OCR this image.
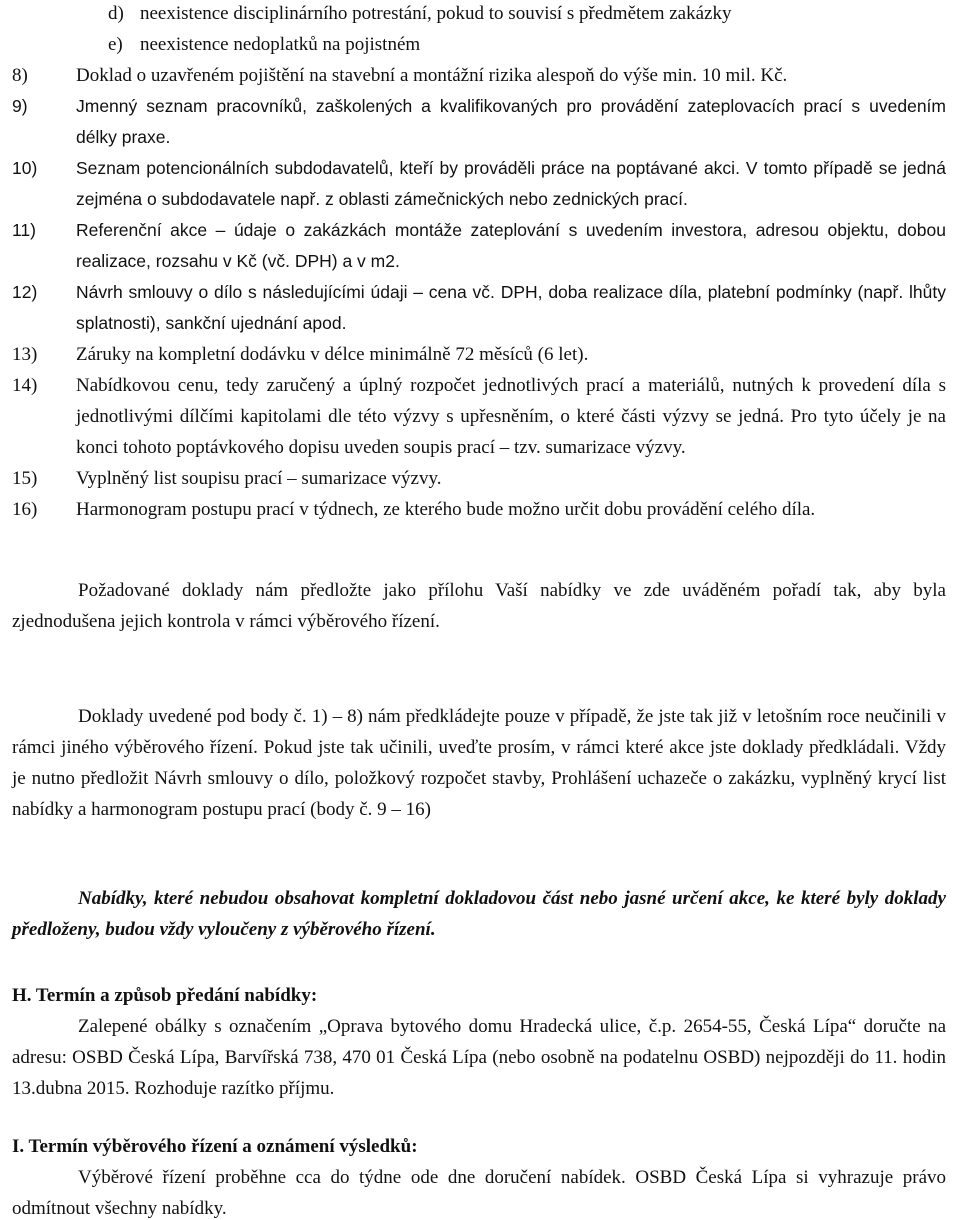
d) neexistence disciplinárního potrestání, pokud to souvisí s předmětem zakázky
e) neexistence nedoplatků na pojistném
8)	Doklad o uzavřeném pojištění na stavební a montážní rizika alespoň do výše min. 10 mil. Kč.
9)	Jmenný seznam pracovníků, zaškolených a kvalifikovaných pro provádění zateplovacích prací s uvedením délky praxe.
10)	Seznam potencionálních subdodavatelů, kteří by prováděli práce na poptávané akci. V tomto případě se jedná zejména o subdodavatele např. z oblasti zámečnických nebo zednických prací.
11)	Referenční akce – údaje o zakázkách montáže zateplování s uvedením investora, adresou objektu, dobou realizace, rozsahu v Kč (vč. DPH) a v m2.
12)	Návrh smlouvy o dílo s následujícími údaji – cena vč. DPH, doba realizace díla, platební podmínky (např. lhůty splatnosti), sankční ujednání apod.
13)	Záruky na kompletní dodávku v délce minimálně 72 měsíců (6 let).
14)	Nabídkovou cenu, tedy zaručený a úplný rozpočet jednotlivých prací a materiálů, nutných k provedení díla s jednotlivými dílčími kapitolami dle této výzvy s upřesněním, o které části výzvy se jedná. Pro tyto účely je na konci tohoto poptávkového dopisu uveden soupis prací – tzv. sumarizace výzvy.
15)	Vyplněný list soupisu prací – sumarizace výzvy.
16)	Harmonogram postupu prací v týdnech, ze kterého bude možno určit dobu provádění celého díla.
Požadované doklady nám předložte jako přílohu Vaší nabídky ve zde uváděném pořadí tak, aby byla zjednodušena jejich kontrola v rámci výběrového řízení.
Doklady uvedené pod body č. 1) – 8) nám předkládejte pouze v případě, že jste tak již v letošním roce neučinili v rámci jiného výběrového řízení. Pokud jste tak učinili, uveďte prosím, v rámci které akce jste doklady předkládali. Vždy je nutno předložit Návrh smlouvy o dílo, položkový rozpočet stavby, Prohlášení uchazeče o zakázku, vyplněný krycí list nabídky a harmonogram postupu prací (body č. 9 – 16)
Nabídky, které nebudou obsahovat kompletní dokladovou část nebo jasné určení akce, ke které byly doklady předloženy, budou vždy vyloučeny z výběrového řízení.
H. Termín a způsob předání nabídky:
Zalepené obálky s označením „Oprava bytového domu Hradecká ulice, č.p. 2654-55, Česká Lípa“ doručte na adresu: OSBD Česká Lípa, Barvířská 738, 470 01 Česká Lípa (nebo osobně na podatelnu OSBD) nejpozději do 11. hodin 13.dubna 2015. Rozhoduje razítko příjmu.
I. Termín výběrového řízení a oznámení výsledků:
Výběrové řízení proběhne cca do týdne ode dne doručení nabídek. OSBD Česká Lípa si vyhrazuje právo odmítnout všechny nabídky.
